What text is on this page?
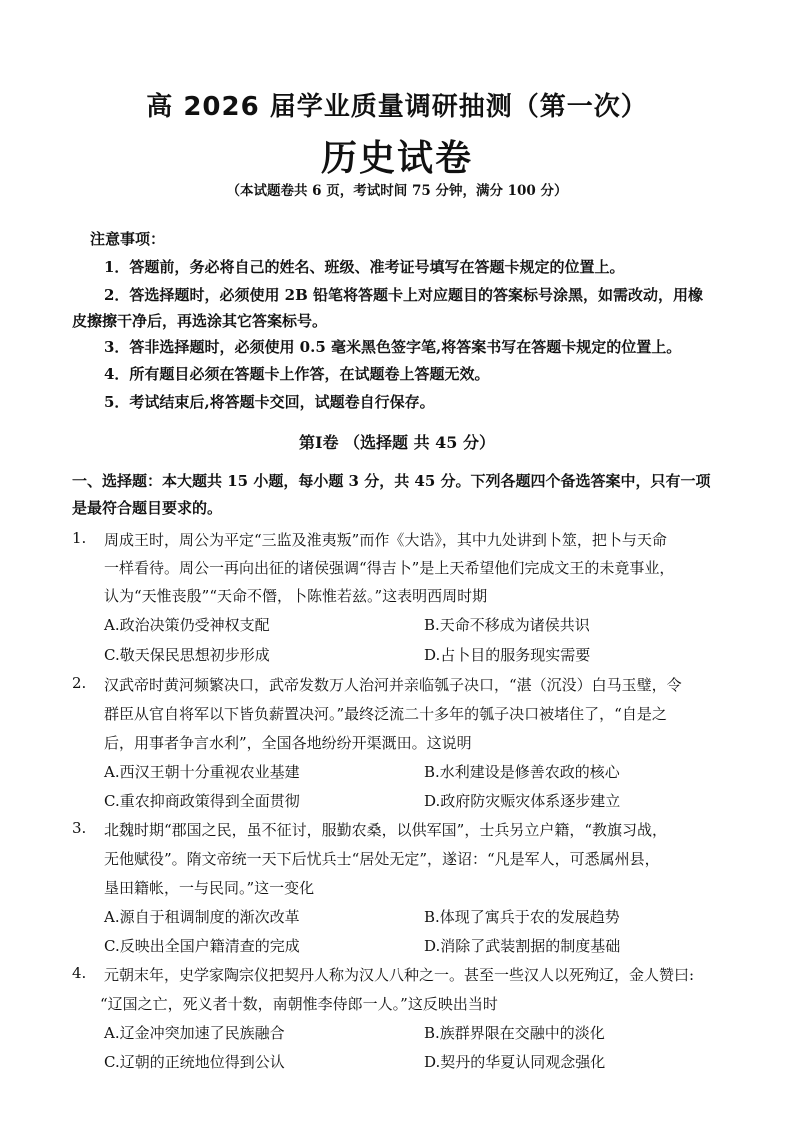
高 2026 届学业质量调研抽测（第一次）
历史试卷
（本试题卷共 6 页，考试时间 75 分钟，满分 100 分）
注意事项：
1．答题前，务必将自己的姓名、班级、准考证号填写在答题卡规定的位置上。
2．答选择题时，必须使用 2B 铅笔将答题卡上对应题目的答案标号涂黑，如需改动，用橡
皮擦擦干净后，再选涂其它答案标号。
3．答非选择题时，必须使用 0.5 毫米黑色签字笔,将答案书写在答题卡规定的位置上。
4．所有题目必须在答题卡上作答，在试题卷上答题无效。
5．考试结束后,将答题卡交回，试题卷自行保存。
第Ⅰ卷 （选择题 共 45 分）
一、选择题：本大题共 15 小题，每小题 3 分，共 45 分。下列各题四个备选答案中，只有一项
是最符合题目要求的。
1. 周成王时，周公为平定“三监及淮夷叛”而作《大诰》，其中九处讲到卜筮，把卜与天命
一样看待。周公一再向出征的诸侯强调“得吉卜”是上天希望他们完成文王的未竟事业，
认为“天惟丧殷”“天命不僭，卜陈惟若兹。”这表明西周时期
A.政治决策仍受神权支配	B.天命不移成为诸侯共识
C.敬天保民思想初步形成	D.占卜目的服务现实需要
2. 汉武帝时黄河频繁决口，武帝发数万人治河并亲临瓠子决口，“湛（沉没）白马玉璧，令
群臣从官自将军以下皆负薪置决河。”最终泛流二十多年的瓠子决口被堵住了，“自是之
后，用事者争言水利”，全国各地纷纷开渠溉田。这说明
A.西汉王朝十分重视农业基建	B.水利建设是修善农政的核心
C.重农抑商政策得到全面贯彻	D.政府防灾赈灾体系逐步建立
3. 北魏时期“郡国之民，虽不征讨，服勤农桑，以供军国”，士兵另立户籍，“教旗习战，
无他赋役”。隋文帝统一天下后忧兵士“居处无定”，遂诏：“凡是军人，可悉属州县，
垦田籍帐，一与民同。”这一变化
A.源自于租调制度的渐次改革	B.体现了寓兵于农的发展趋势
C.反映出全国户籍清查的完成	D.消除了武装割据的制度基础
4. 元朝末年，史学家陶宗仪把契丹人称为汉人八种之一。甚至一些汉人以死殉辽，金人赞曰:
“辽国之亡，死义者十数，南朝惟李侍郎一人。”这反映出当时
A.辽金冲突加速了民族融合	B.族群界限在交融中的淡化
C.辽朝的正统地位得到公认	D.契丹的华夏认同观念强化
